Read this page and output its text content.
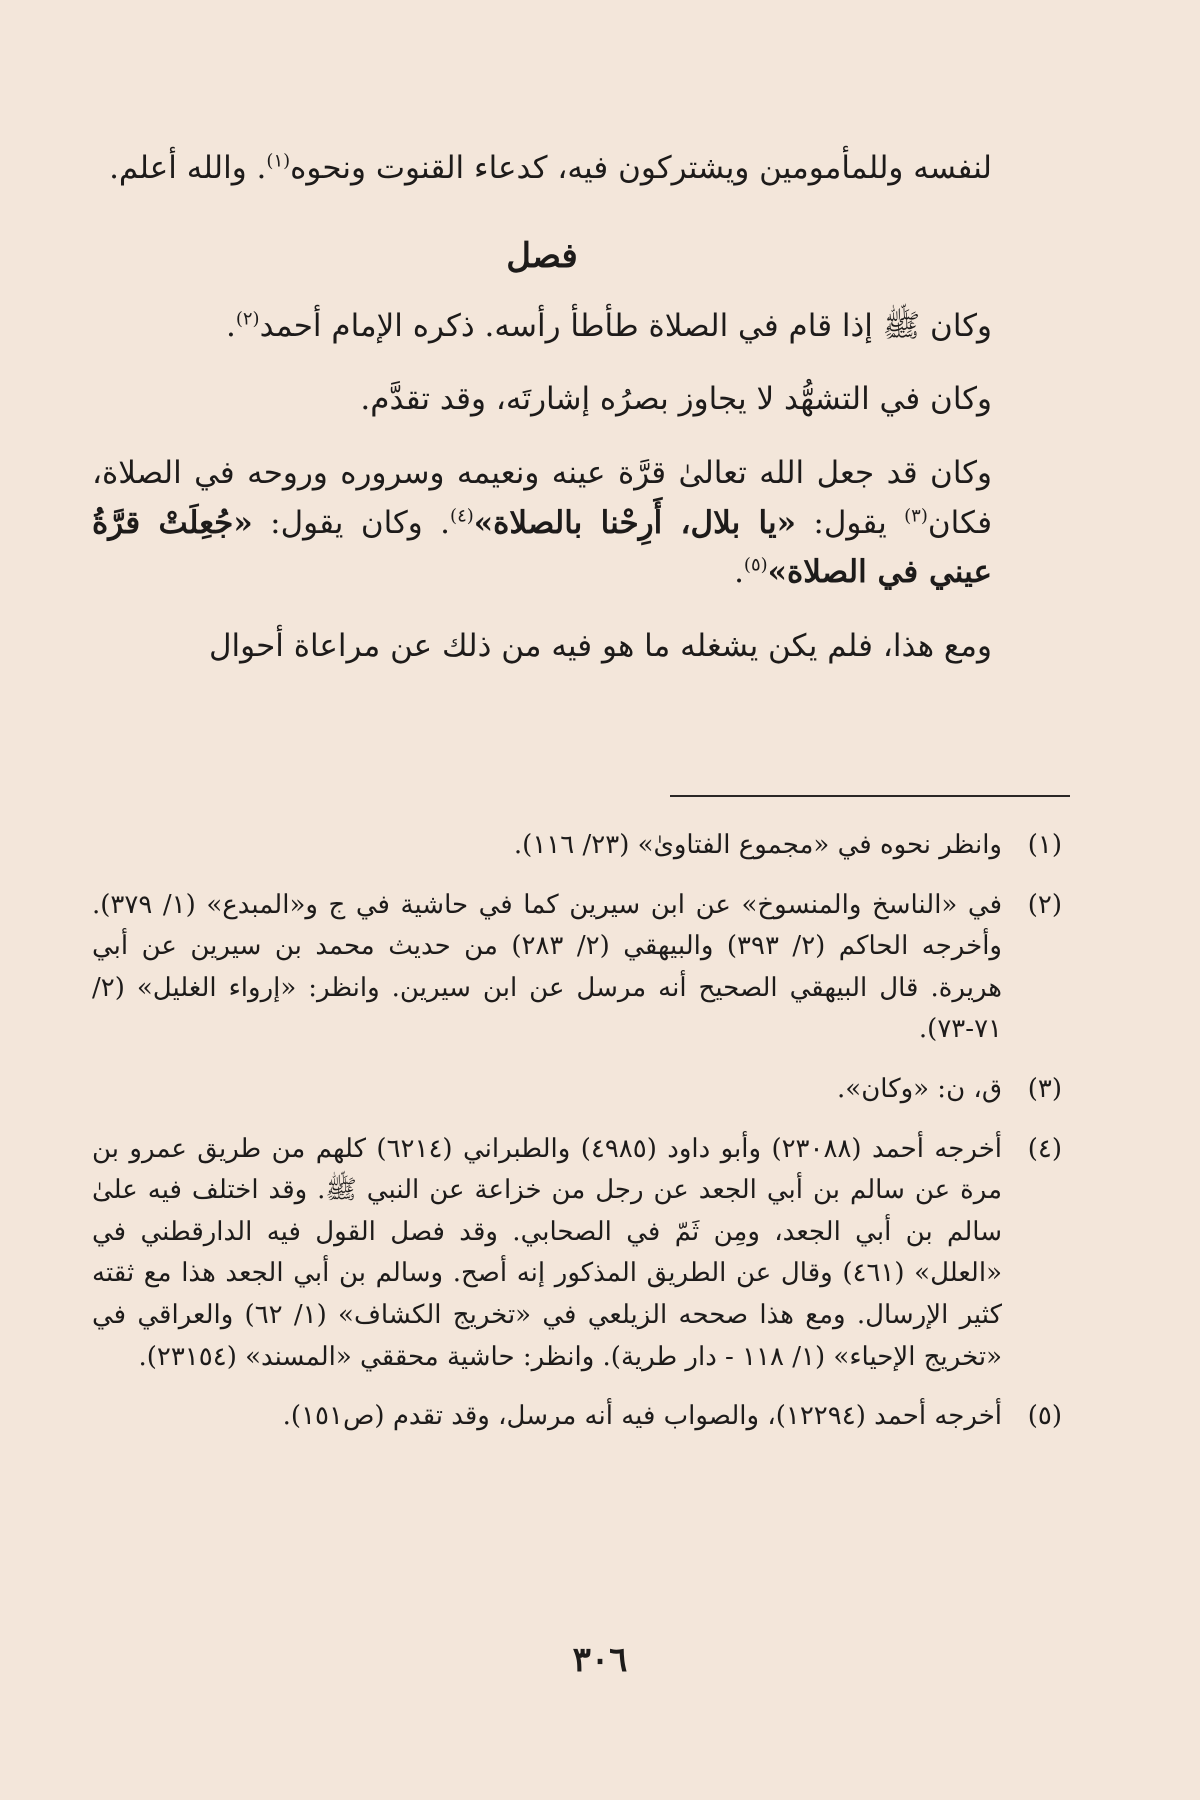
لنفسه وللمأمومين ويشتركون فيه، كدعاء القنوت ونحوه$^{(١)}$. والله أعلم.

فصل

وكان ﷺ إذا قام في الصلاة طأطأ رأسه. ذكره الإمام أحمد$^{(٢)}$.

وكان في التشهُّد لا يجاوز بصرُه إشارتَه، وقد تقدَّم.

وكان قد جعل الله تعالىٰ قرَّة عينه ونعيمه وسروره وروحه في الصلاة، فكان$^{(٣)}$ يقول: «يا بلال، أَرِحْنا بالصلاة»$^{(٤)}$. وكان يقول: «جُعِلَتْ قرَّةُ عيني في الصلاة»$^{(٥)}$.

ومع هذا، فلم يكن يشغله ما هو فيه من ذلك عن مراعاة أحوال

(١)
وانظر نحوه في «مجموع الفتاوىٰ» (٢٣/ ١١٦).
(٢)
في «الناسخ والمنسوخ» عن ابن سيرين كما في حاشية في ج و«المبدع» (١/ ٣٧٩). وأخرجه الحاكم (٢/ ٣٩٣) والبيهقي (٢/ ٢٨٣) من حديث محمد بن سيرين عن أبي هريرة. قال البيهقي الصحيح أنه مرسل عن ابن سيرين. وانظر: «إرواء الغليل» (٢/ ٧١-٧٣).
(٣)
ق، ن: «وكان».
(٤)
أخرجه أحمد (٢٣٠٨٨) وأبو داود (٤٩٨٥) والطبراني (٦٢١٤) كلهم من طريق عمرو بن مرة عن سالم بن أبي الجعد عن رجل من خزاعة عن النبي ﷺ. وقد اختلف فيه علىٰ سالم بن أبي الجعد، ومِن ثَمّ في الصحابي. وقد فصل القول فيه الدارقطني في «العلل» (٤٦١) وقال عن الطريق المذكور إنه أصح. وسالم بن أبي الجعد هذا مع ثقته كثير الإرسال. ومع هذا صححه الزيلعي في «تخريج الكشاف» (١/ ٦٢) والعراقي في «تخريج الإحياء» (١/ ١١٨ - دار طرية). وانظر: حاشية محققي «المسند» (٢٣١٥٤).
(٥)
أخرجه أحمد (١٢٢٩٤)، والصواب فيه أنه مرسل، وقد تقدم (ص١٥١).
٣٠٦
